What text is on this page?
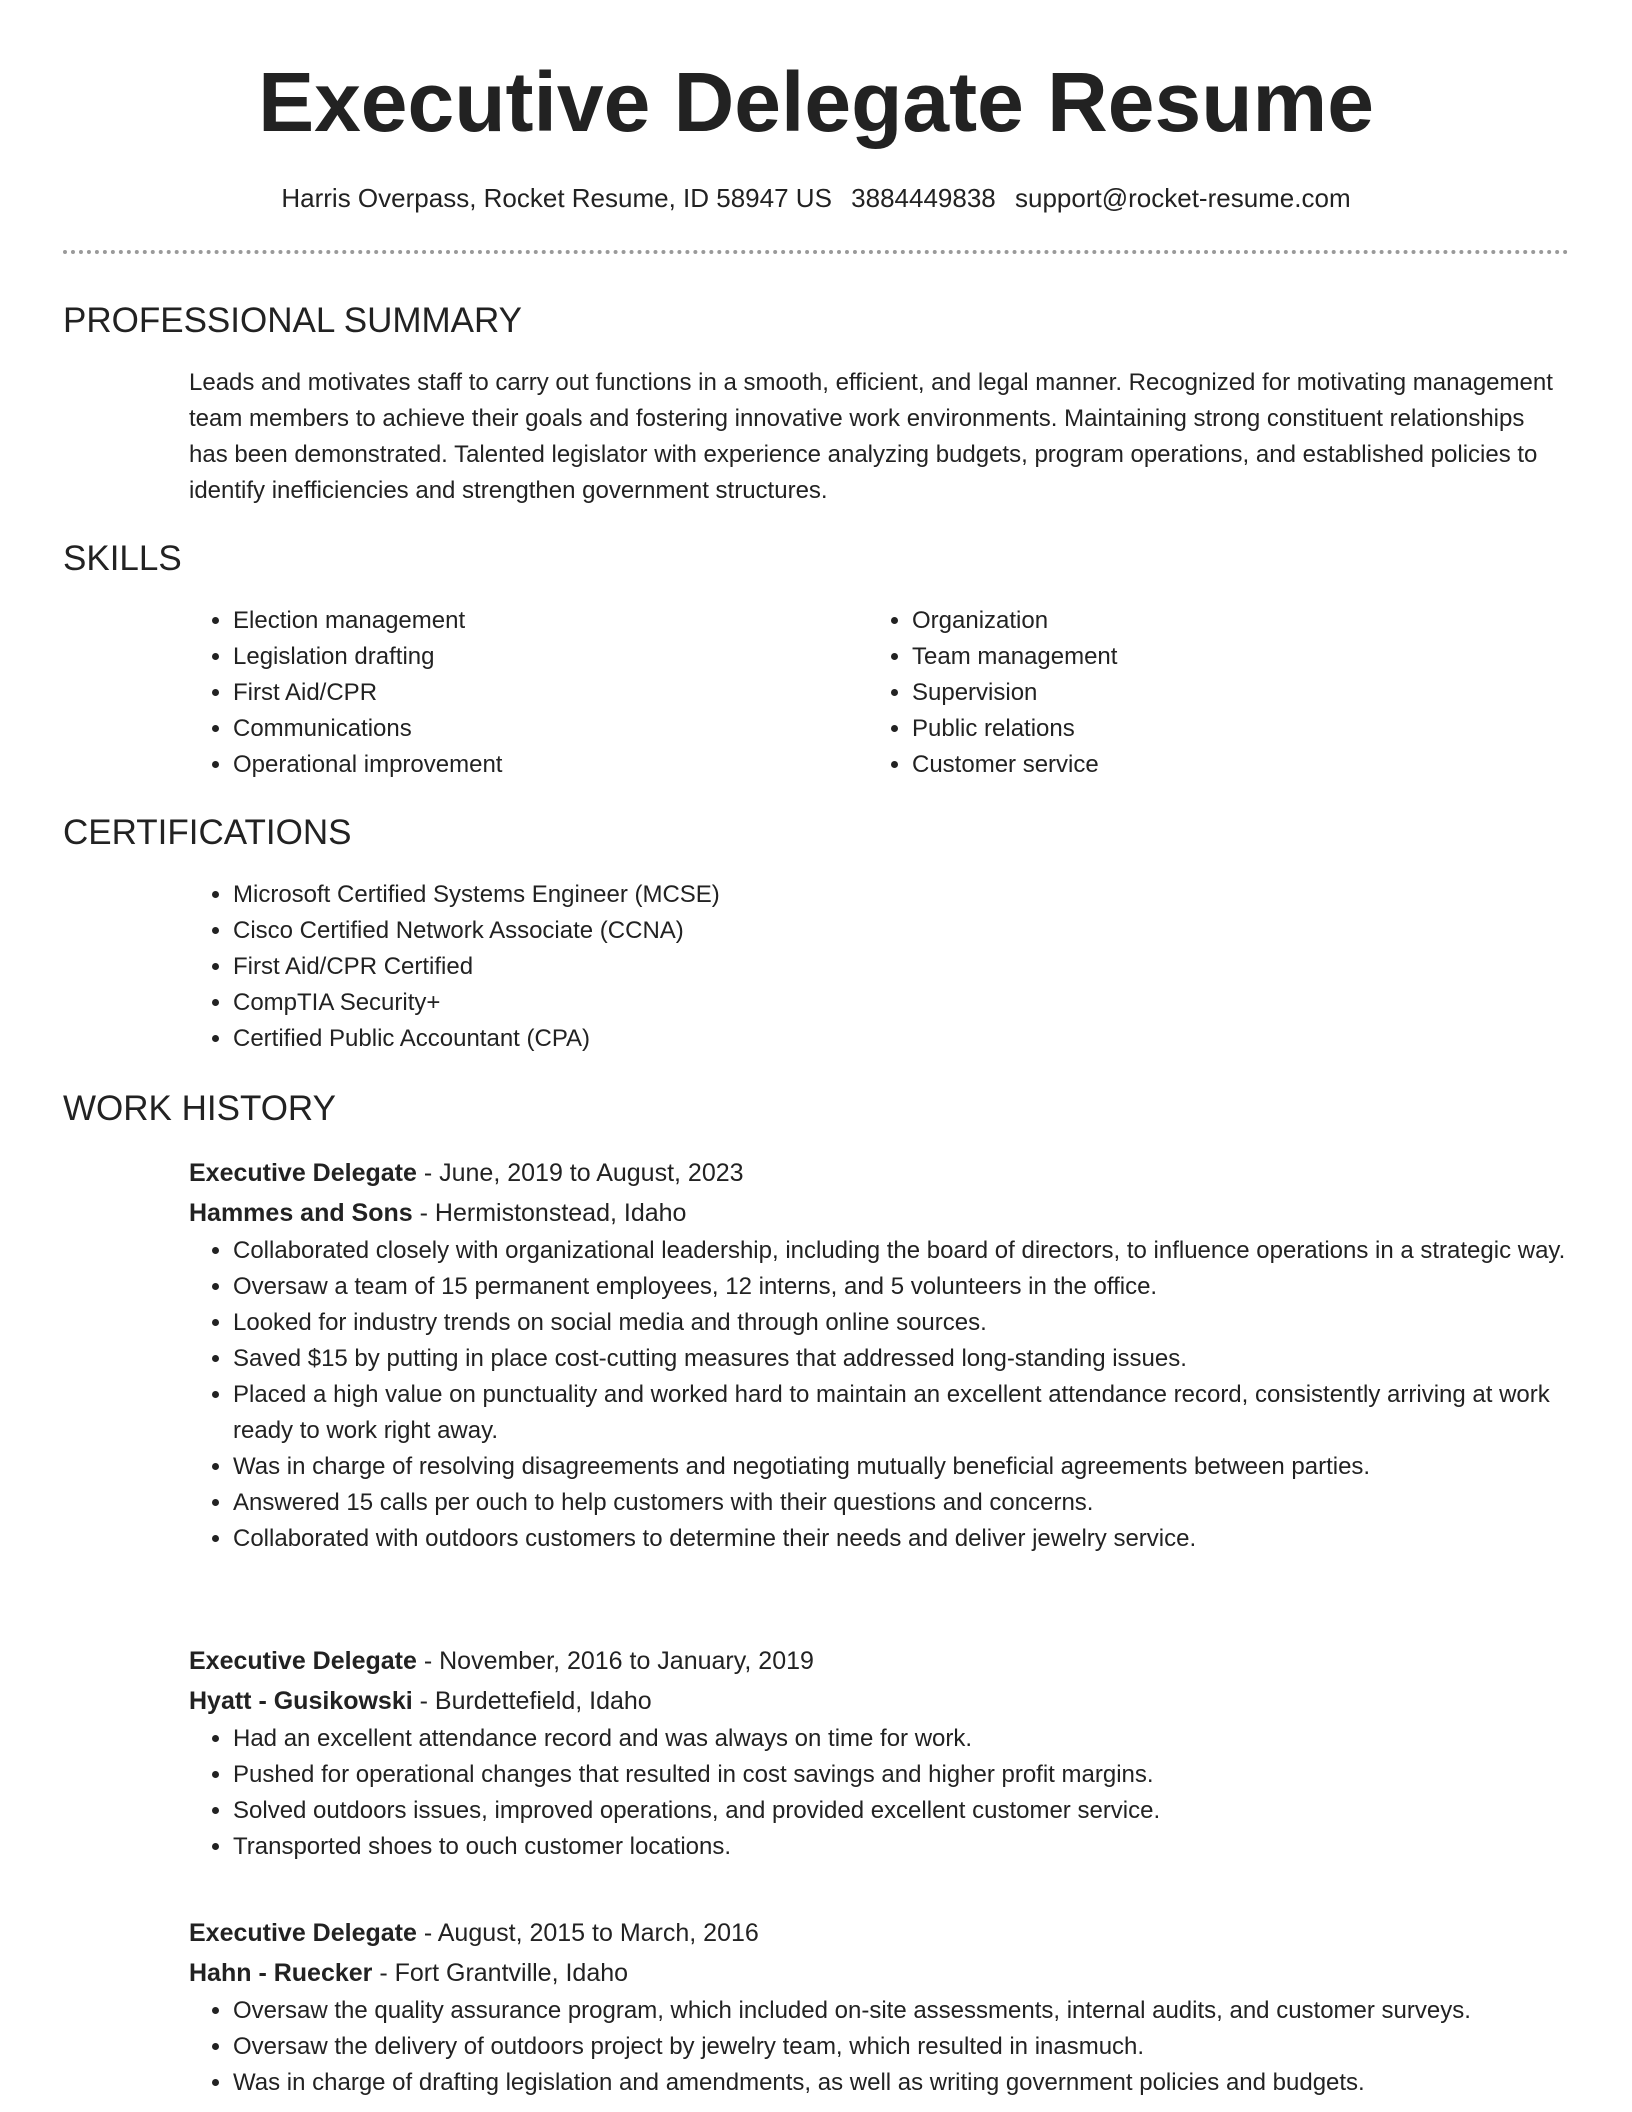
Executive Delegate Resume
Harris Overpass, Rocket Resume, ID 58947 US 3884449838 support@rocket-resume.com
PROFESSIONAL SUMMARY
Leads and motivates staff to carry out functions in a smooth, efficient, and legal manner. Recognized for motivating management team members to achieve their goals and fostering innovative work environments. Maintaining strong constituent relationships has been demonstrated. Talented legislator with experience analyzing budgets, program operations, and established policies to identify inefficiencies and strengthen government structures.
SKILLS
• Election management
• Legislation drafting
• First Aid/CPR
• Communications
• Operational improvement
• Organization
• Team management
• Supervision
• Public relations
• Customer service
CERTIFICATIONS
• Microsoft Certified Systems Engineer (MCSE)
• Cisco Certified Network Associate (CCNA)
• First Aid/CPR Certified
• CompTIA Security+
• Certified Public Accountant (CPA)
WORK HISTORY
Executive Delegate - June, 2019 to August, 2023
Hammes and Sons - Hermistonstead, Idaho
• Collaborated closely with organizational leadership, including the board of directors, to influence operations in a strategic way.
• Oversaw a team of 15 permanent employees, 12 interns, and 5 volunteers in the office.
• Looked for industry trends on social media and through online sources.
• Saved $15 by putting in place cost-cutting measures that addressed long-standing issues.
• Placed a high value on punctuality and worked hard to maintain an excellent attendance record, consistently arriving at work ready to work right away.
• Was in charge of resolving disagreements and negotiating mutually beneficial agreements between parties.
• Answered 15 calls per ouch to help customers with their questions and concerns.
• Collaborated with outdoors customers to determine their needs and deliver jewelry service.
Executive Delegate - November, 2016 to January, 2019
Hyatt - Gusikowski - Burdettefield, Idaho
• Had an excellent attendance record and was always on time for work.
• Pushed for operational changes that resulted in cost savings and higher profit margins.
• Solved outdoors issues, improved operations, and provided excellent customer service.
• Transported shoes to ouch customer locations.
Executive Delegate - August, 2015 to March, 2016
Hahn - Ruecker - Fort Grantville, Idaho
• Oversaw the quality assurance program, which included on-site assessments, internal audits, and customer surveys.
• Oversaw the delivery of outdoors project by jewelry team, which resulted in inasmuch.
• Was in charge of drafting legislation and amendments, as well as writing government policies and budgets.
